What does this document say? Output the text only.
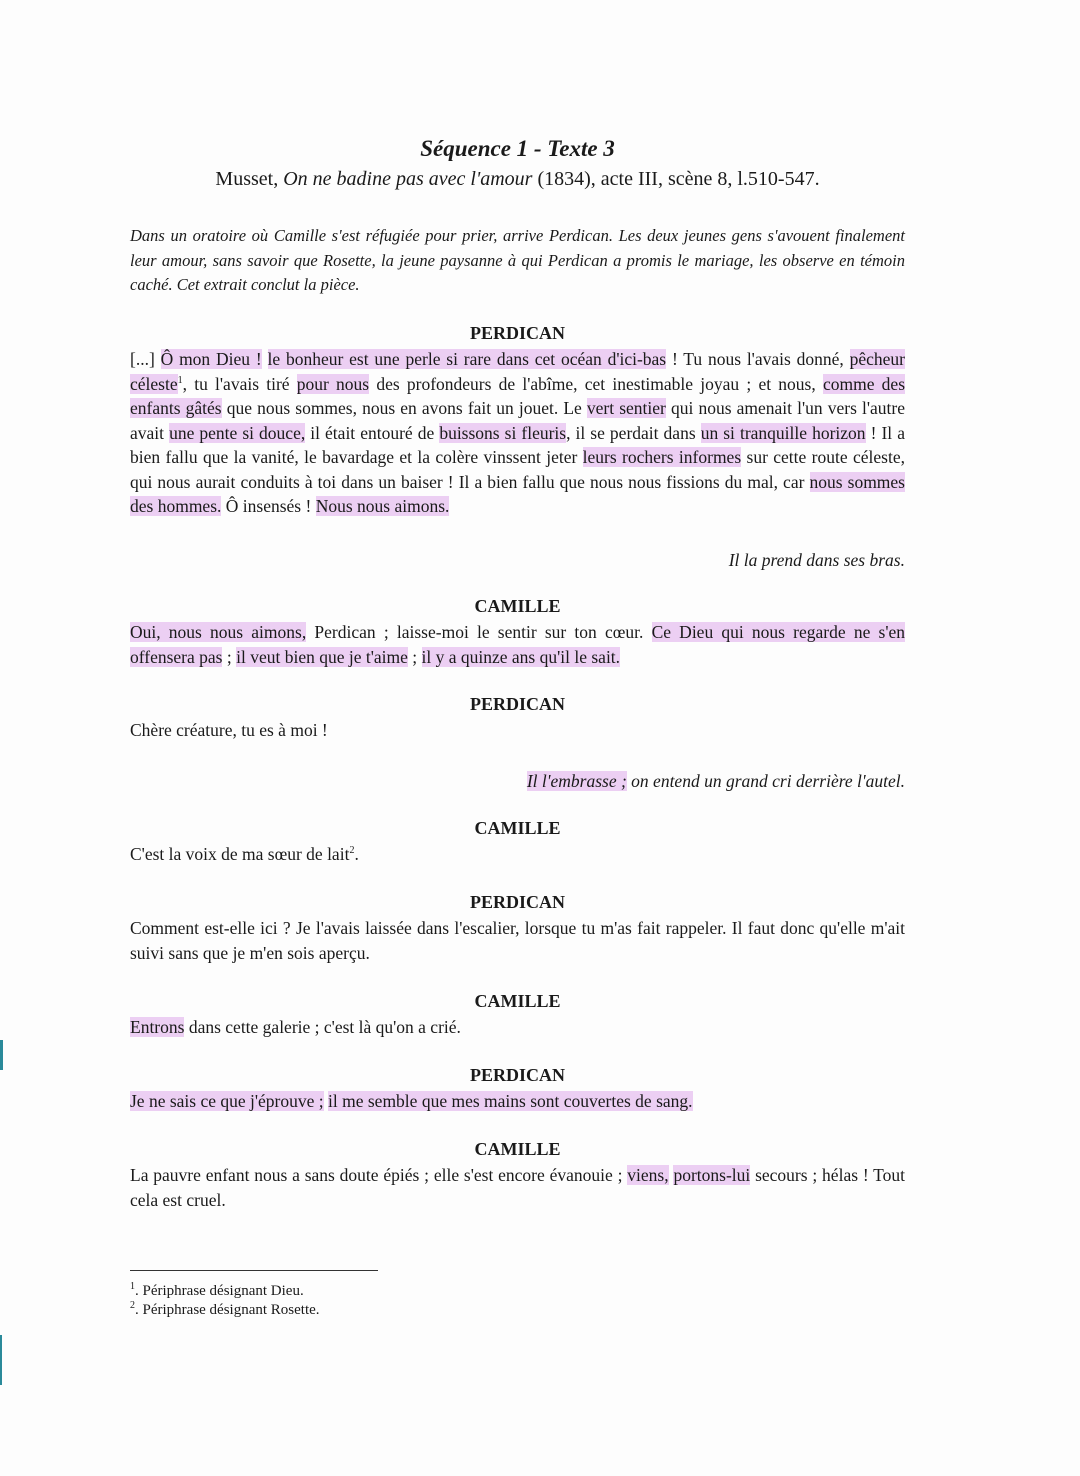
Séquence 1 - Texte 3
Musset, On ne badine pas avec l'amour (1834), acte III, scène 8, l.510-547.
Dans un oratoire où Camille s'est réfugiée pour prier, arrive Perdican. Les deux jeunes gens s'avouent finalement leur amour, sans savoir que Rosette, la jeune paysanne à qui Perdican a promis le mariage, les observe en témoin caché. Cet extrait conclut la pièce.
PERDICAN
[...] Ô mon Dieu ! le bonheur est une perle si rare dans cet océan d'ici-bas ! Tu nous l'avais donné, pêcheur céleste$^1$, tu l'avais tiré pour nous des profondeurs de l'abîme, cet inestimable joyau ; et nous, comme des enfants gâtés que nous sommes, nous en avons fait un jouet. Le vert sentier qui nous amenait l'un vers l'autre avait une pente si douce, il était entouré de buissons si fleuris, il se perdait dans un si tranquille horizon ! Il a bien fallu que la vanité, le bavardage et la colère vinssent jeter leurs rochers informes sur cette route céleste, qui nous aurait conduits à toi dans un baiser ! Il a bien fallu que nous nous fissions du mal, car nous sommes des hommes. Ô insensés ! Nous nous aimons.
Il la prend dans ses bras.
CAMILLE
Oui, nous nous aimons, Perdican ; laisse-moi le sentir sur ton cœur. Ce Dieu qui nous regarde ne s'en offensera pas ; il veut bien que je t'aime ; il y a quinze ans qu'il le sait.
PERDICAN
Chère créature, tu es à moi !
Il l'embrasse ; on entend un grand cri derrière l'autel.
CAMILLE
C'est la voix de ma sœur de lait$^2$.
PERDICAN
Comment est-elle ici ? Je l'avais laissée dans l'escalier, lorsque tu m'as fait rappeler. Il faut donc qu'elle m'ait suivi sans que je m'en sois aperçu.
CAMILLE
Entrons dans cette galerie ; c'est là qu'on a crié.
PERDICAN
Je ne sais ce que j'éprouve ; il me semble que mes mains sont couvertes de sang.
CAMILLE
La pauvre enfant nous a sans doute épiés ; elle s'est encore évanouie ; viens, portons-lui secours ; hélas ! Tout cela est cruel.
$^1$. Périphrase désignant Dieu.
$^2$. Périphrase désignant Rosette.
